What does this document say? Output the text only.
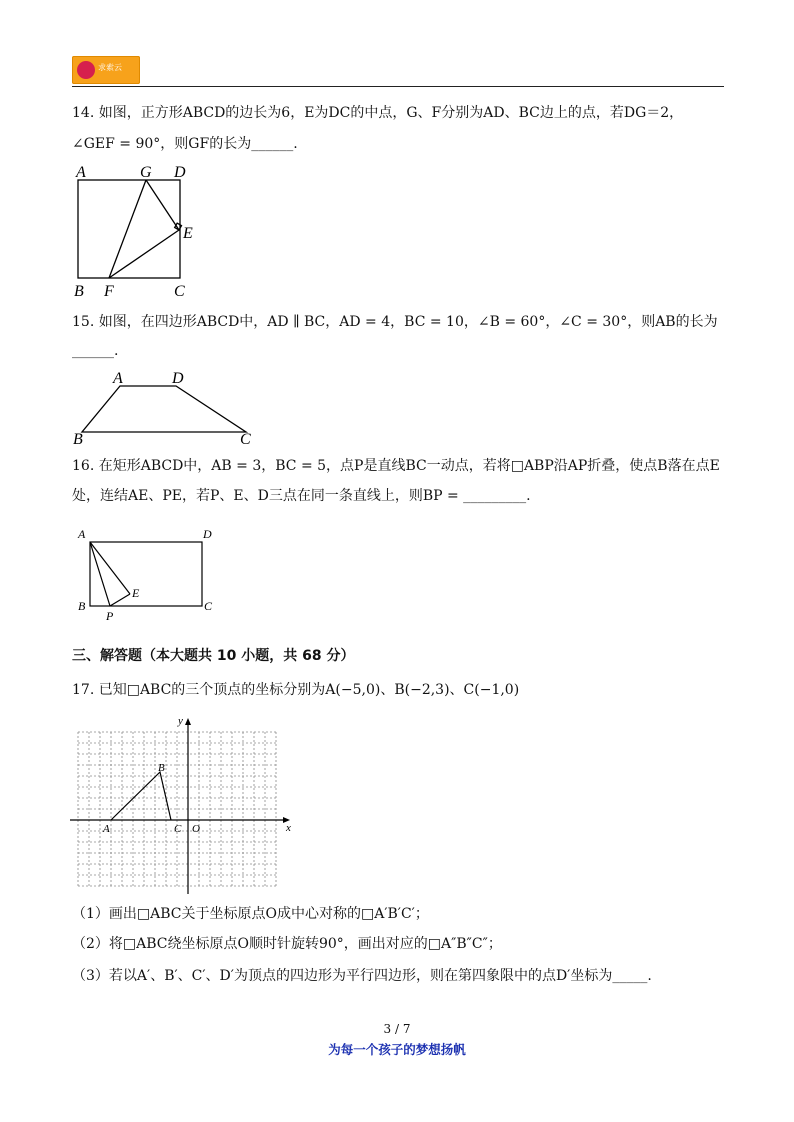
求索云
14. 如图，正方形ABCD的边长为6，E为DC的中点，G、F分别为AD、BC边上的点，若DG＝2，
∠GEF = 90°，则GF的长为______.
A	G D
E
B F	C
15. 如图，在四边形ABCD中，AD ∥ BC，AD = 4，BC = 10，∠B = 60°，∠C = 30°，则AB的长为
______.
A	D
B	C
16. 在矩形ABCD中，AB = 3，BC = 5，点P是直线BC一动点，若将□ABP沿AP折叠，使点B落在点E
处，连结AE、PE，若P、E、D三点在同一条直线上，则BP = _________.
A	D
B
E
P
C
三、解答题（本大题共 10 小题，共 68 分）
17. 已知□ABC的三个顶点的坐标分别为A(−5,0)、B(−2,3)、C(−1,0)
y
x
A
B
C O
（1）画出□ABC关于坐标原点O成中心对称的□A′B′C′；
（2）将□ABC绕坐标原点O顺时针旋转90°，画出对应的□A″B″C″；
（3）若以A′、B′、C′、D′为顶点的四边形为平行四边形，则在第四象限中的点D′坐标为_____.
3 / 7
为每一个孩子的梦想扬帆
